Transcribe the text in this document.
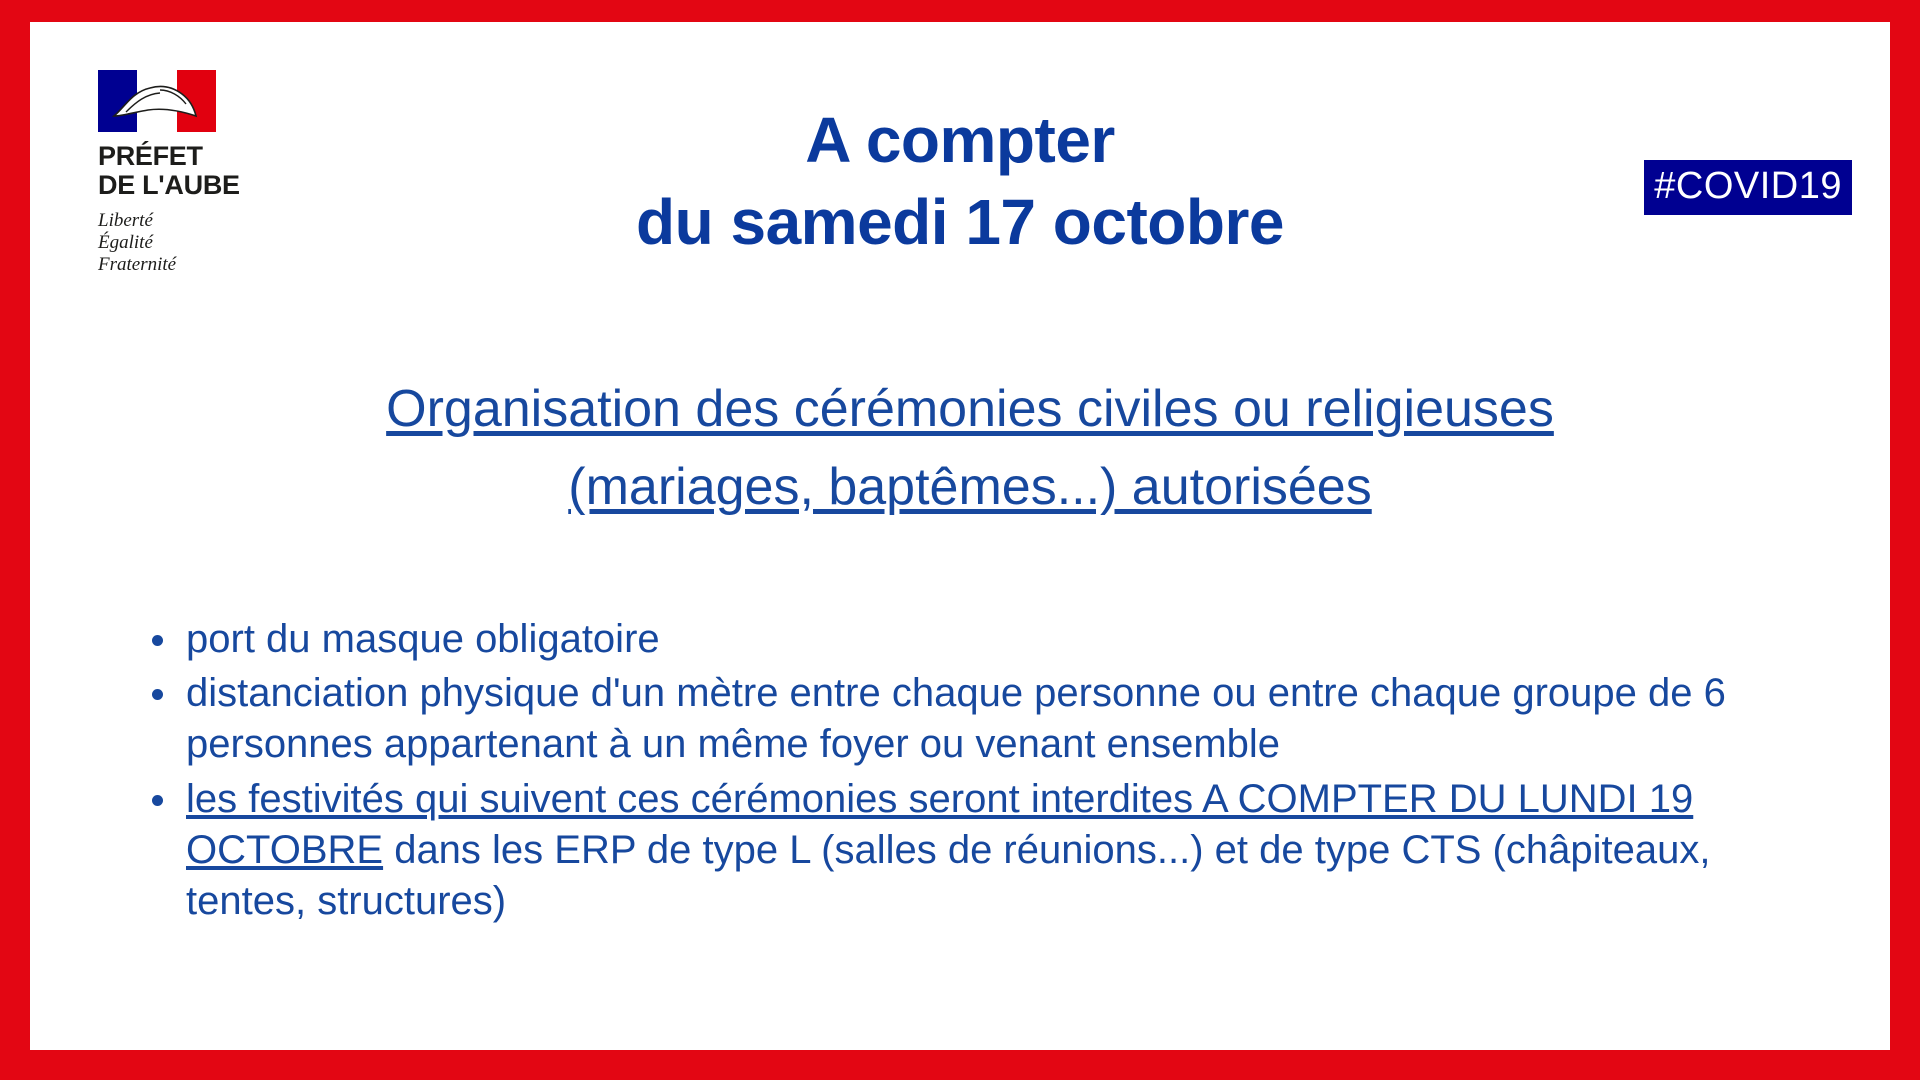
PRÉFET
DE L'AUBE
Liberté
Égalité
Fraternité
#COVID19
A compter
du samedi 17 octobre
Organisation des cérémonies civiles ou religieuses
(mariages, baptêmes...) autorisées
port du masque obligatoire
distanciation physique d'un mètre entre chaque personne ou entre chaque groupe de 6 personnes appartenant à un même foyer ou venant ensemble
les festivités qui suivent ces cérémonies seront interdites A COMPTER DU LUNDI 19 OCTOBRE dans les ERP de type L (salles de réunions...) et de type CTS (châpiteaux, tentes, structures)
